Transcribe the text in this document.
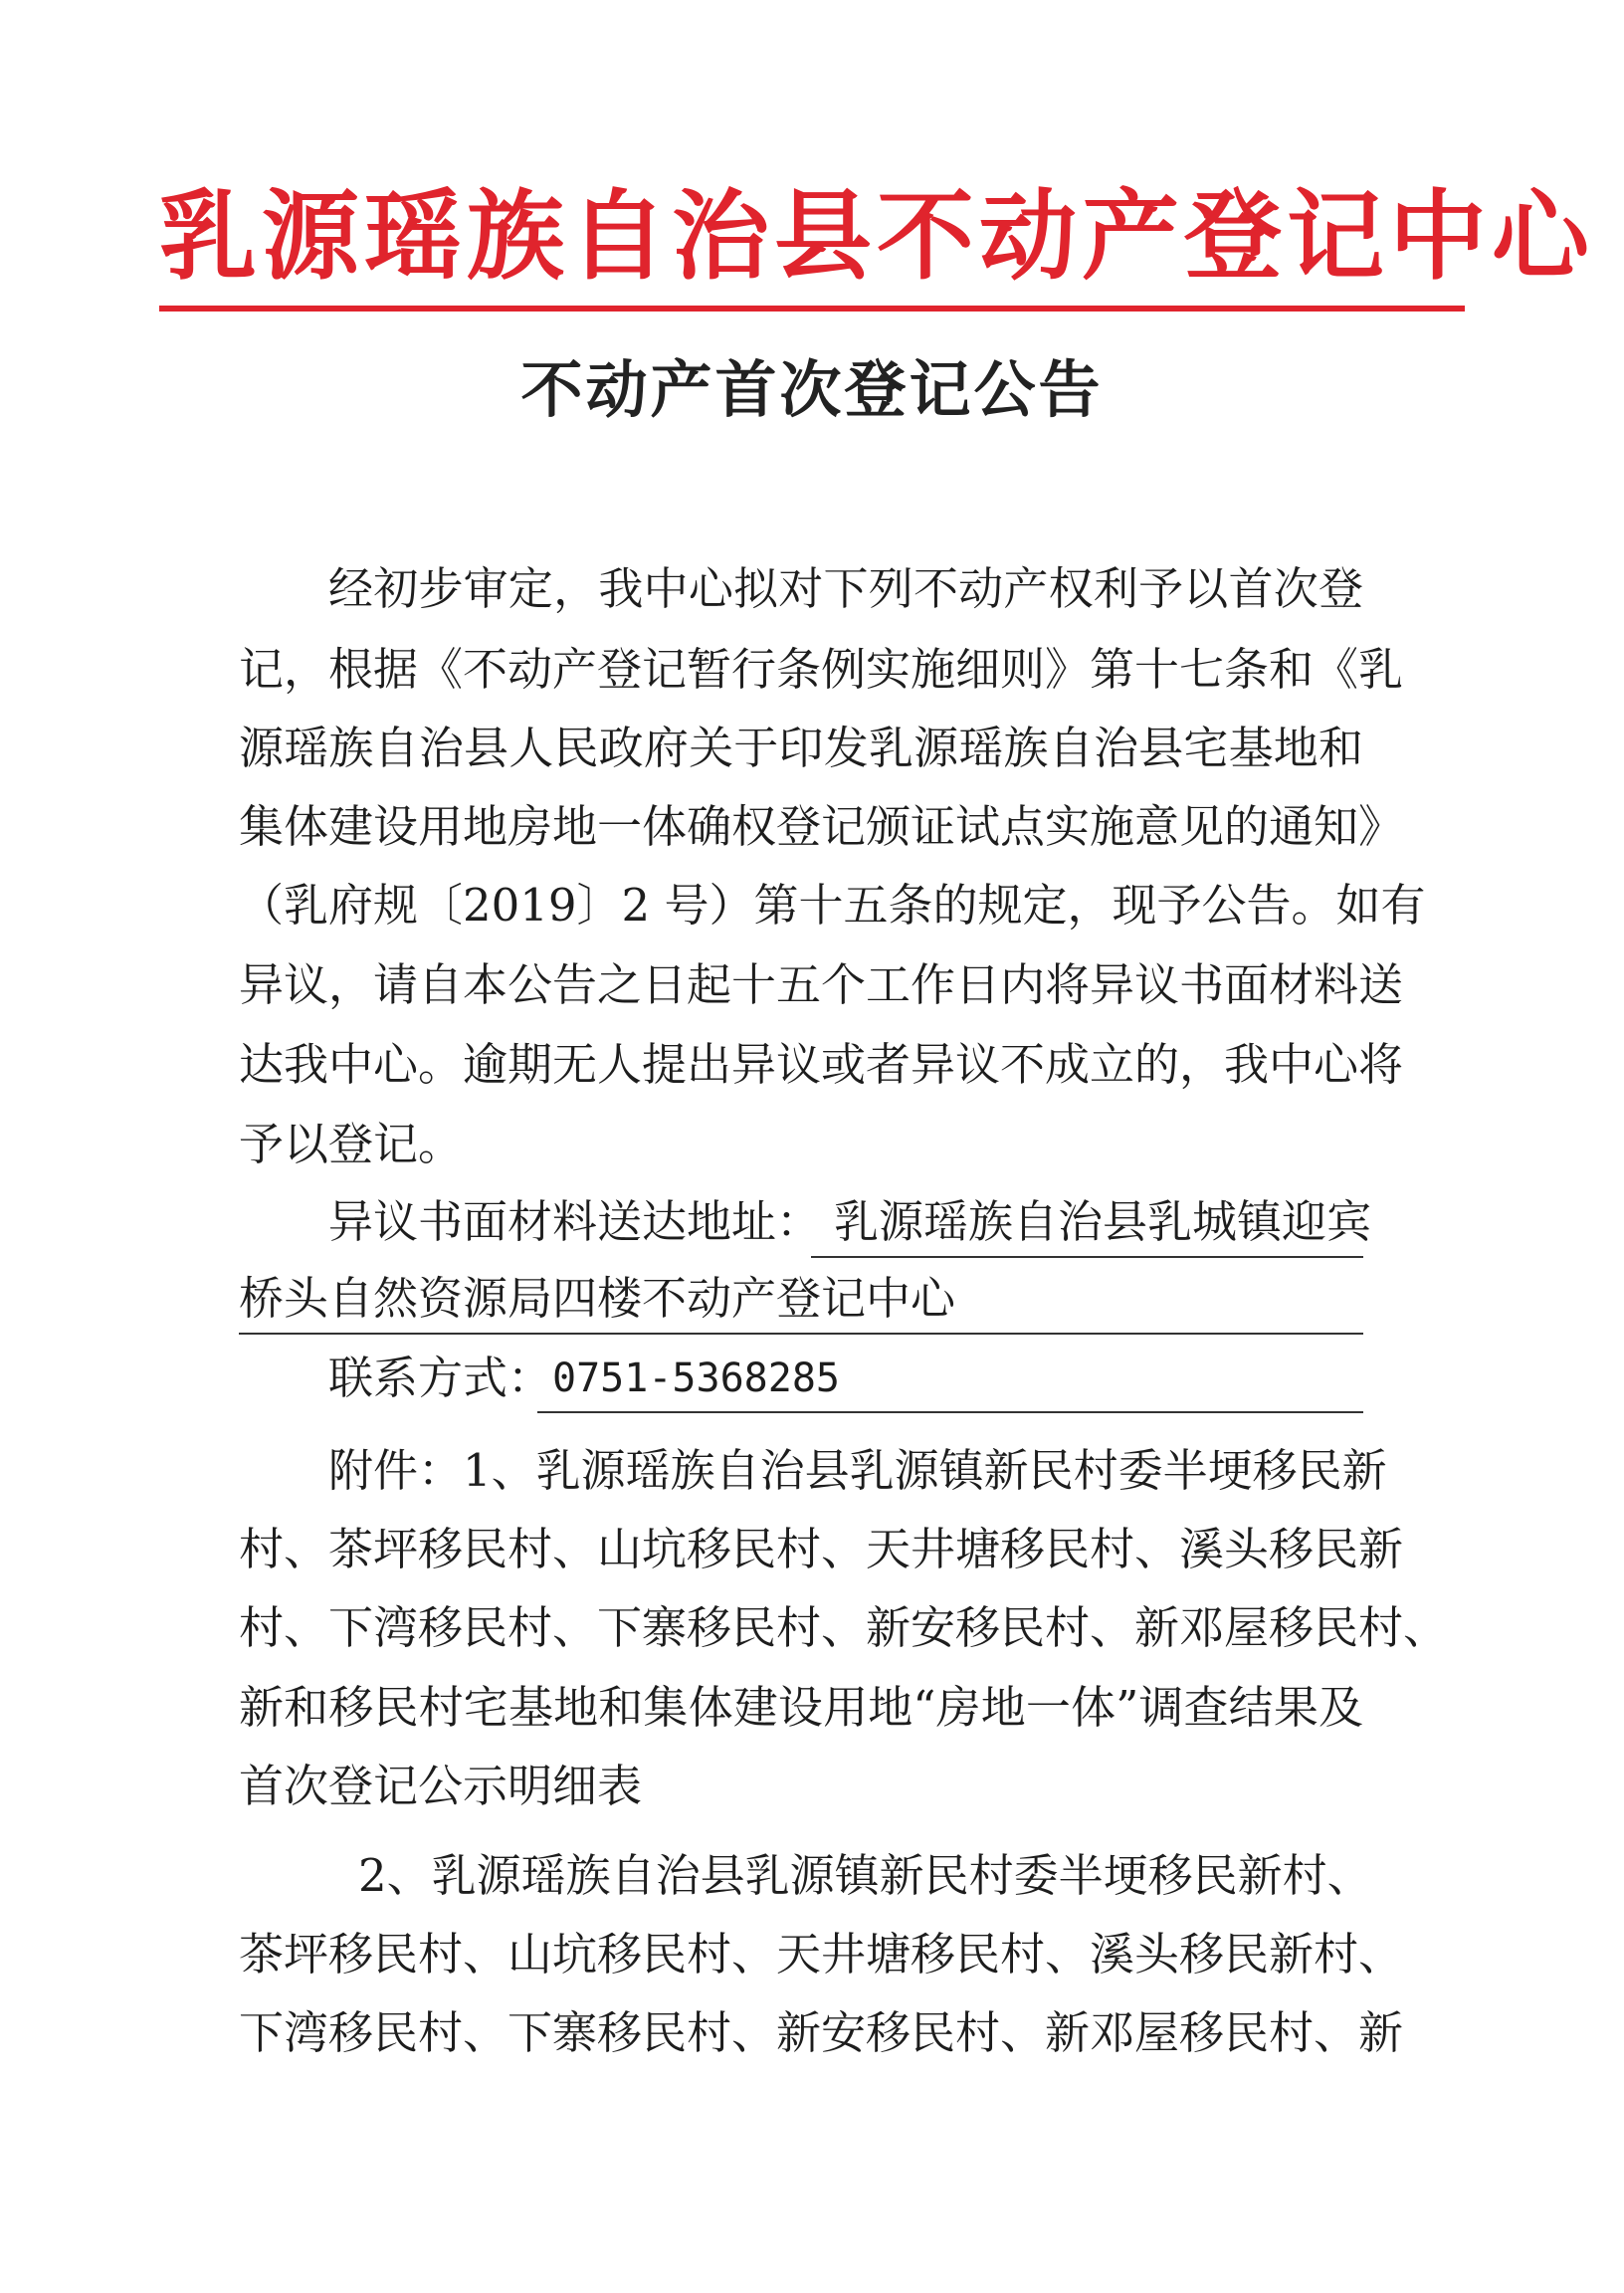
乳源瑶族自治县不动产登记中心
不动产首次登记公告
经初步审定，我中心拟对下列不动产权利予以首次登
记，根据《不动产登记暂行条例实施细则》第十七条和《乳
源瑶族自治县人民政府关于印发乳源瑶族自治县宅基地和
集体建设用地房地一体确权登记颁证试点实施意见的通知》
（乳府规〔2019〕2 号）第十五条的规定，现予公告。如有
异议，请自本公告之日起十五个工作日内将异议书面材料送
达我中心。逾期无人提出异议或者异议不成立的，我中心将
予以登记。
异议书面材料送达地址： 乳源瑶族自治县乳城镇迎宾
桥头自然资源局四楼不动产登记中心
联系方式： 0751-5368285
附件：1、乳源瑶族自治县乳源镇新民村委半埂移民新
村、茶坪移民村、山坑移民村、天井塘移民村、溪头移民新
村、下湾移民村、下寨移民村、新安移民村、新邓屋移民村、
新和移民村宅基地和集体建设用地“房地一体”调查结果及
首次登记公示明细表
2、乳源瑶族自治县乳源镇新民村委半埂移民新村、
茶坪移民村、山坑移民村、天井塘移民村、溪头移民新村、
下湾移民村、下寨移民村、新安移民村、新邓屋移民村、新
